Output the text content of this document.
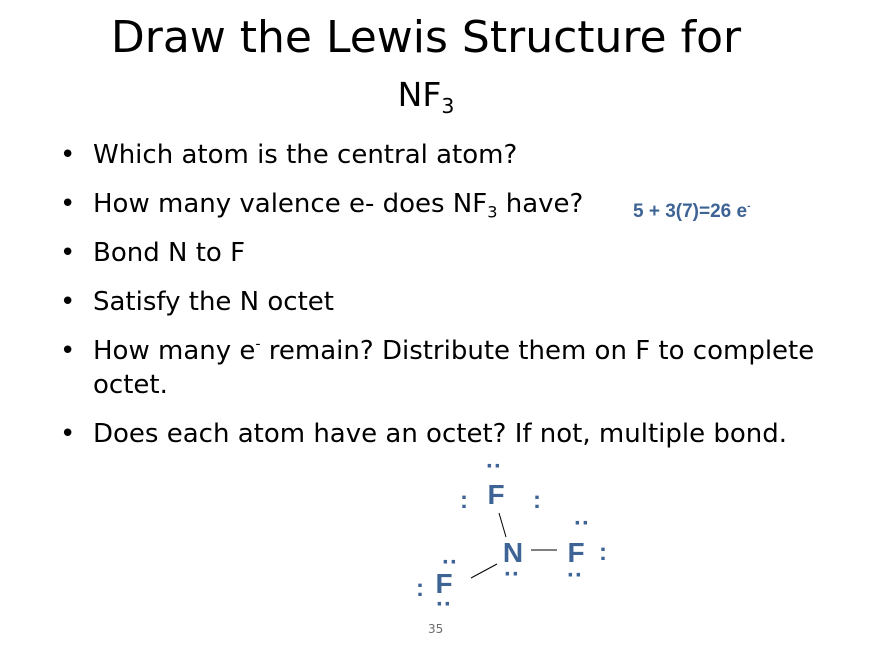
Draw the Lewis Structure for
$NF_3$
• Which atom is the central atom?
• How many valence e- does $NF_3$ have?
• Bond N to F
• Satisfy the N octet
• How many e- remain? Distribute them on F to complete octet.
• Does each atom have an octet? If not, multiple bond.
5 + 3(7)=26 e-
F
N F
F
··
:	:
··
··
:
··
··
:
··
35
